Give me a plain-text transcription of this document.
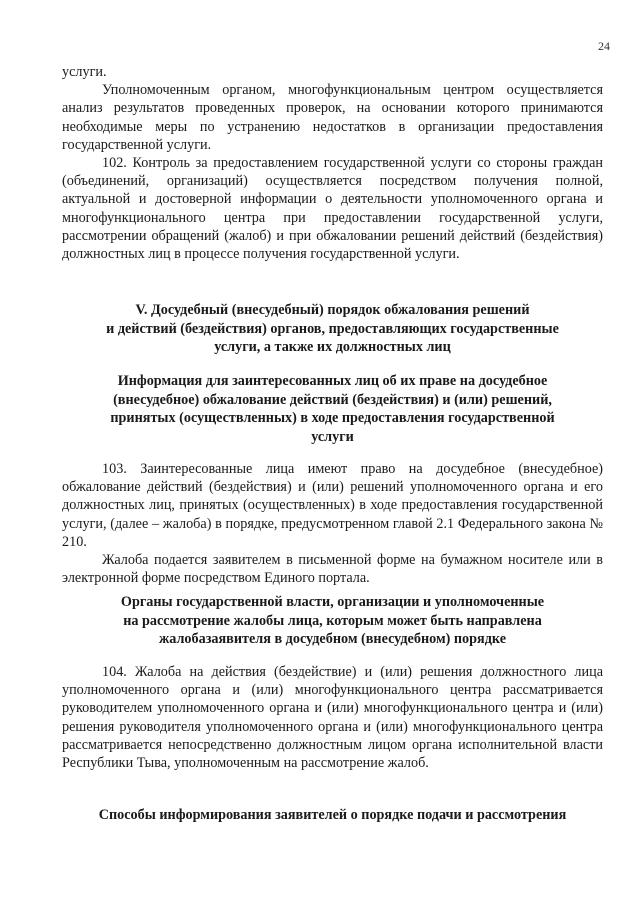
24

услуги.

Уполномоченным органом, многофункциональным центром осуществляется анализ результатов проведенных проверок, на основании которого принимаются необходимые меры по устранению недостатков в организации предоставления государственной услуги.

102. Контроль за предоставлением государственной услуги со стороны граждан (объединений, организаций) осуществляется посредством получения полной, актуальной и достоверной информации о деятельности уполномоченного органа и многофункционального центра при предоставлении государственной услуги, рассмотрении обращений (жалоб) и при обжаловании решений действий (бездействия) должностных лиц в процессе получения государственной услуги.

V. Досудебный (внесудебный) порядок обжалования решений
и действий (бездействия) органов, предоставляющих государственные
услуги, а также их должностных лиц
Информация для заинтересованных лиц об их праве на досудебное
(внесудебное) обжалование действий (бездействия) и (или) решений,
принятых (осуществленных) в ходе предоставления государственной
услуги

103. Заинтересованные лица имеют право на досудебное (внесудебное) обжалование действий (бездействия) и (или) решений уполномоченного органа и его должностных лиц, принятых (осуществленных) в ходе предоставления государственной услуги, (далее – жалоба) в порядке, предусмотренном главой 2.1 Федерального закона № 210.

Жалоба подается заявителем в письменной форме на бумажном носителе или в электронной форме посредством Единого портала.

Органы государственной власти, организации и уполномоченные
на рассмотрение жалобы лица, которым может быть направлена
жалобазаявителя в досудебном (внесудебном) порядке

104. Жалоба на действия (бездействие) и (или) решения должностного лица уполномоченного органа и (или) многофункционального центра рассматривается руководителем уполномоченного органа и (или) многофункционального центра и (или) решения руководителя уполномоченного органа и (или) многофункционального центра рассматривается непосредственно должностным лицом органа исполнительной власти Республики Тыва, уполномоченным на рассмотрение жалоб.

Способы информирования заявителей о порядке подачи и рассмотрения
